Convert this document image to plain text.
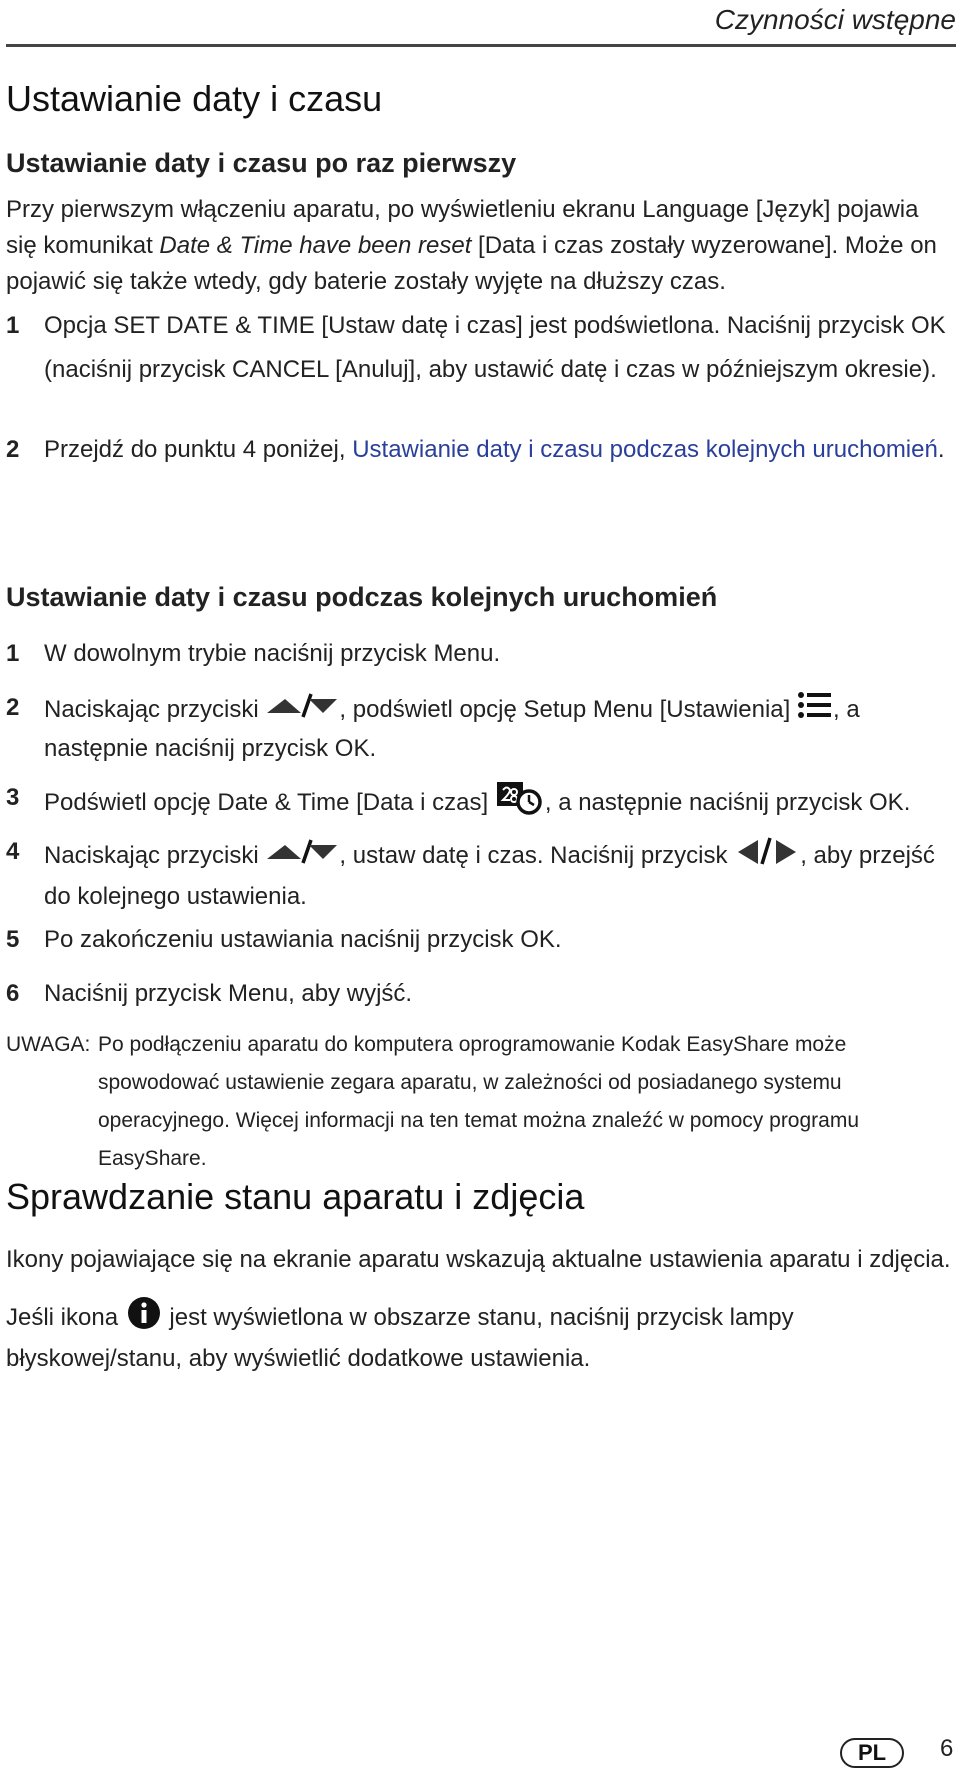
Czynności wstępne
Ustawianie daty i czasu
Ustawianie daty i czasu po raz pierwszy

Przy pierwszym włączeniu aparatu, po wyświetleniu ekranu Language [Język] pojawia się komunikat Date & Time have been reset [Data i czas zostały wyzerowane]. Może on pojawić się także wtedy, gdy baterie zostały wyjęte na dłuższy czas.

1	Opcja SET DATE & TIME [Ustaw datę i czas] jest podświetlona. Naciśnij przycisk OK
(naciśnij przycisk CANCEL [Anuluj], aby ustawić datę i czas w późniejszym okresie).
2	Przejdź do punktu 4 poniżej, Ustawianie daty i czasu podczas kolejnych uruchomień.
Ustawianie daty i czasu podczas kolejnych uruchomień
1	W dowolnym trybie naciśnij przycisk Menu.
2	Naciskając przyciski	, podświetl opcję Setup Menu [Ustawienia] , a następnie naciśnij przycisk OK.
3	Podświetl opcję Date & Time [Data i czas] , a następnie naciśnij przycisk OK.
4	Naciskając przyciski	, ustaw datę i czas. Naciśnij przycisk	, aby przejść do kolejnego ustawienia.
5	Po zakończeniu ustawiania naciśnij przycisk OK.
6	Naciśnij przycisk Menu, aby wyjść.
UWAGA: Po podłączeniu aparatu do komputera oprogramowanie Kodak EasyShare może spowodować ustawienie zegara aparatu, w zależności od posiadanego systemu operacyjnego. Więcej informacji na ten temat można znaleźć w pomocy programu EasyShare.
Sprawdzanie stanu aparatu i zdjęcia

Ikony pojawiające się na ekranie aparatu wskazują aktualne ustawienia aparatu i zdjęcia.

Jeśli ikona  jest wyświetlona w obszarze stanu, naciśnij przycisk lampy błyskowej/stanu, aby wyświetlić dodatkowe ustawienia.

PL	6
